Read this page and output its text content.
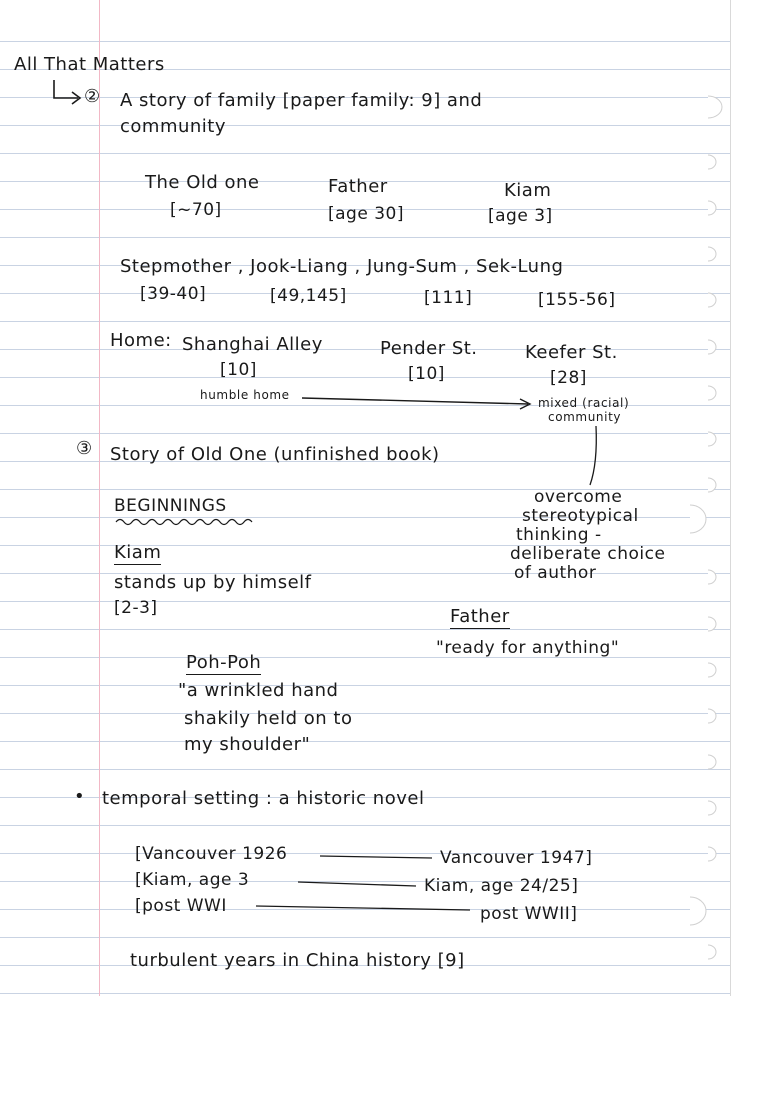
All That Matters
② A story of family [paper family: 9] and
community
The Old one
[~70]
Father
[age 30]
Kiam
[age 3]
Stepmother , Jook-Liang , Jung-Sum , Sek-Lung
[39-40]	[49,145]	[111]	[155-56]
Home: Shanghai Alley
[10]
Pender St.
[10]
Keefer St.
[28]
humble home
mixed (racial)
community
③ Story of Old One (unfinished book)
overcome
stereotypical
thinking -
deliberate choice
of author
BEGINNINGS
Kiam
stands up by himself
[2-3]	Father
"ready for anything"
Poh-Poh
"a wrinkled hand
shakily held on to
my shoulder"
• temporal setting : a historic novel
[Vancouver 1926	Vancouver 1947]
[Kiam, age 3	Kiam, age 24/25]
[post WWI	post WWII]
turbulent years in China history [9]
